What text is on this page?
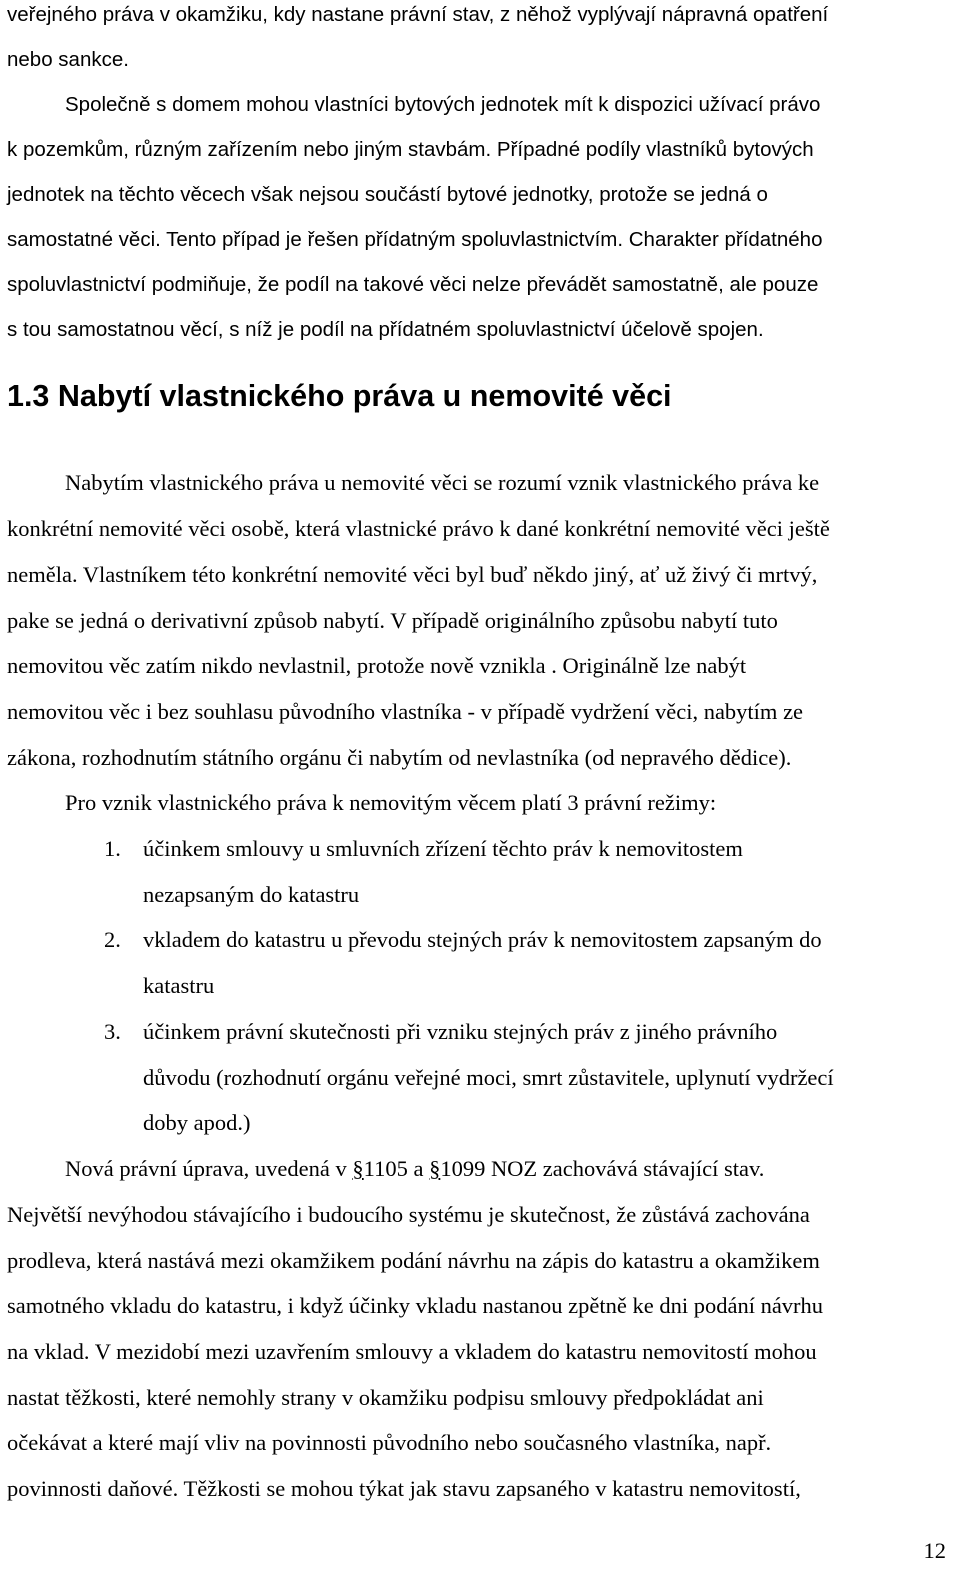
veřejného práva v okamžiku, kdy nastane právní stav, z něhož vyplývají nápravná opatření

nebo sankce.

Společně s domem mohou vlastníci bytových jednotek mít k dispozici užívací právo

k pozemkům, různým zařízením nebo jiným stavbám. Případné podíly vlastníků bytových

jednotek na těchto věcech však nejsou součástí bytové jednotky, protože se jedná o

samostatné věci. Tento případ je řešen přídatným spoluvlastnictvím. Charakter přídatného

spoluvlastnictví podmiňuje, že podíl na takové věci nelze převádět samostatně, ale pouze

s tou samostatnou věcí, s níž je podíl na přídatném spoluvlastnictví účelově spojen.

1.3 Nabytí vlastnického práva u nemovité věci

Nabytím vlastnického práva u nemovité věci se rozumí vznik vlastnického práva ke

konkrétní nemovité věci osobě, která vlastnické právo k dané konkrétní nemovité věci ještě

neměla. Vlastníkem této konkrétní nemovité věci byl buď někdo jiný, ať už živý či mrtvý,

pake se jedná o derivativní způsob nabytí. V případě originálního způsobu nabytí tuto

nemovitou věc zatím nikdo nevlastnil, protože nově vznikla . Originálně lze nabýt

nemovitou věc i bez souhlasu původního vlastníka - v případě vydržení věci, nabytím ze

zákona, rozhodnutím státního orgánu či nabytím od nevlastníka (od nepravého dědice).

Pro vznik vlastnického práva k nemovitým věcem platí 3 právní režimy:

1. účinkem smlouvy u smluvních zřízení těchto práv k nemovitostem
nezapsaným do katastru
2. vkladem do katastru u převodu stejných práv k nemovitostem zapsaným do
katastru
3. účinkem právní skutečnosti při vzniku stejných práv z jiného právního
důvodu (rozhodnutí orgánu veřejné moci, smrt zůstavitele, uplynutí vydržecí
doby apod.)

Nová právní úprava, uvedená v §1105 a §1099 NOZ zachovává stávající stav.

Největší nevýhodou stávajícího i budoucího systému je skutečnost, že zůstává zachována

prodleva, která nastává mezi okamžikem podání návrhu na zápis do katastru a okamžikem

samotného vkladu do katastru, i když účinky vkladu nastanou zpětně ke dni podání návrhu

na vklad. V mezidobí mezi uzavřením smlouvy a vkladem do katastru nemovitostí mohou

nastat těžkosti, které nemohly strany v okamžiku podpisu smlouvy předpokládat ani

očekávat a které mají vliv na povinnosti původního nebo současného vlastníka, např.

povinnosti daňové. Těžkosti se mohou týkat jak stavu zapsaného v katastru nemovitostí,

12
